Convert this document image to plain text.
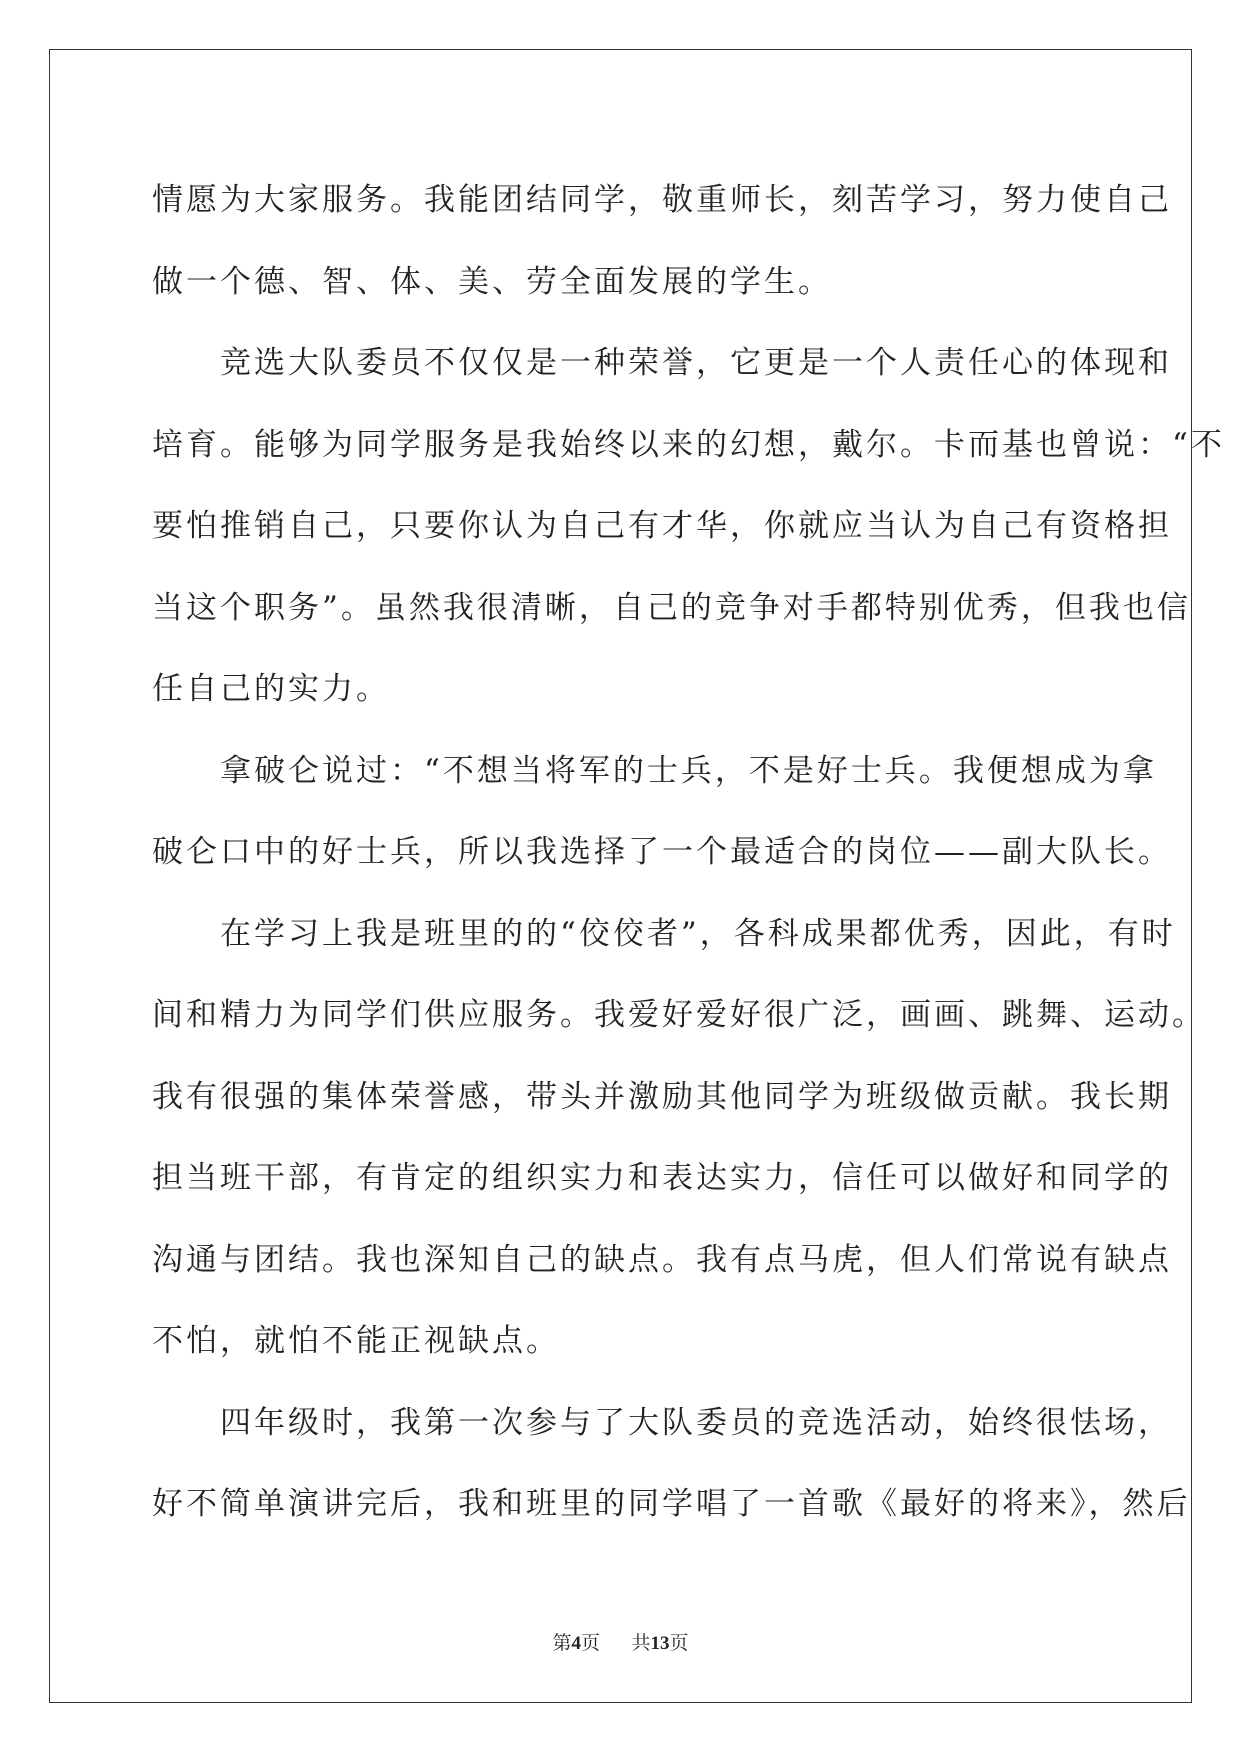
情愿为大家服务。我能团结同学，敬重师长，刻苦学习，努力使自己
做一个德、智、体、美、劳全面发展的学生。
　　竞选大队委员不仅仅是一种荣誉，它更是一个人责任心的体现和
培育。能够为同学服务是我始终以来的幻想，戴尔。卡而基也曾说：“不
要怕推销自己，只要你认为自己有才华，你就应当认为自己有资格担
当这个职务”。虽然我很清晰，自己的竞争对手都特别优秀，但我也信
任自己的实力。
　　拿破仑说过：“不想当将军的士兵，不是好士兵。我便想成为拿
破仑口中的好士兵，所以我选择了一个最适合的岗位——副大队长。
　　在学习上我是班里的的“佼佼者”，各科成果都优秀，因此，有时
间和精力为同学们供应服务。我爱好爱好很广泛，画画、跳舞、运动。
我有很强的集体荣誉感，带头并激励其他同学为班级做贡献。我长期
担当班干部，有肯定的组织实力和表达实力，信任可以做好和同学的
沟通与团结。我也深知自己的缺点。我有点马虎，但人们常说有缺点
不怕，就怕不能正视缺点。
　　四年级时，我第一次参与了大队委员的竞选活动，始终很怯场，
好不简单演讲完后，我和班里的同学唱了一首歌《最好的将来》，然后
第4页 共13页
